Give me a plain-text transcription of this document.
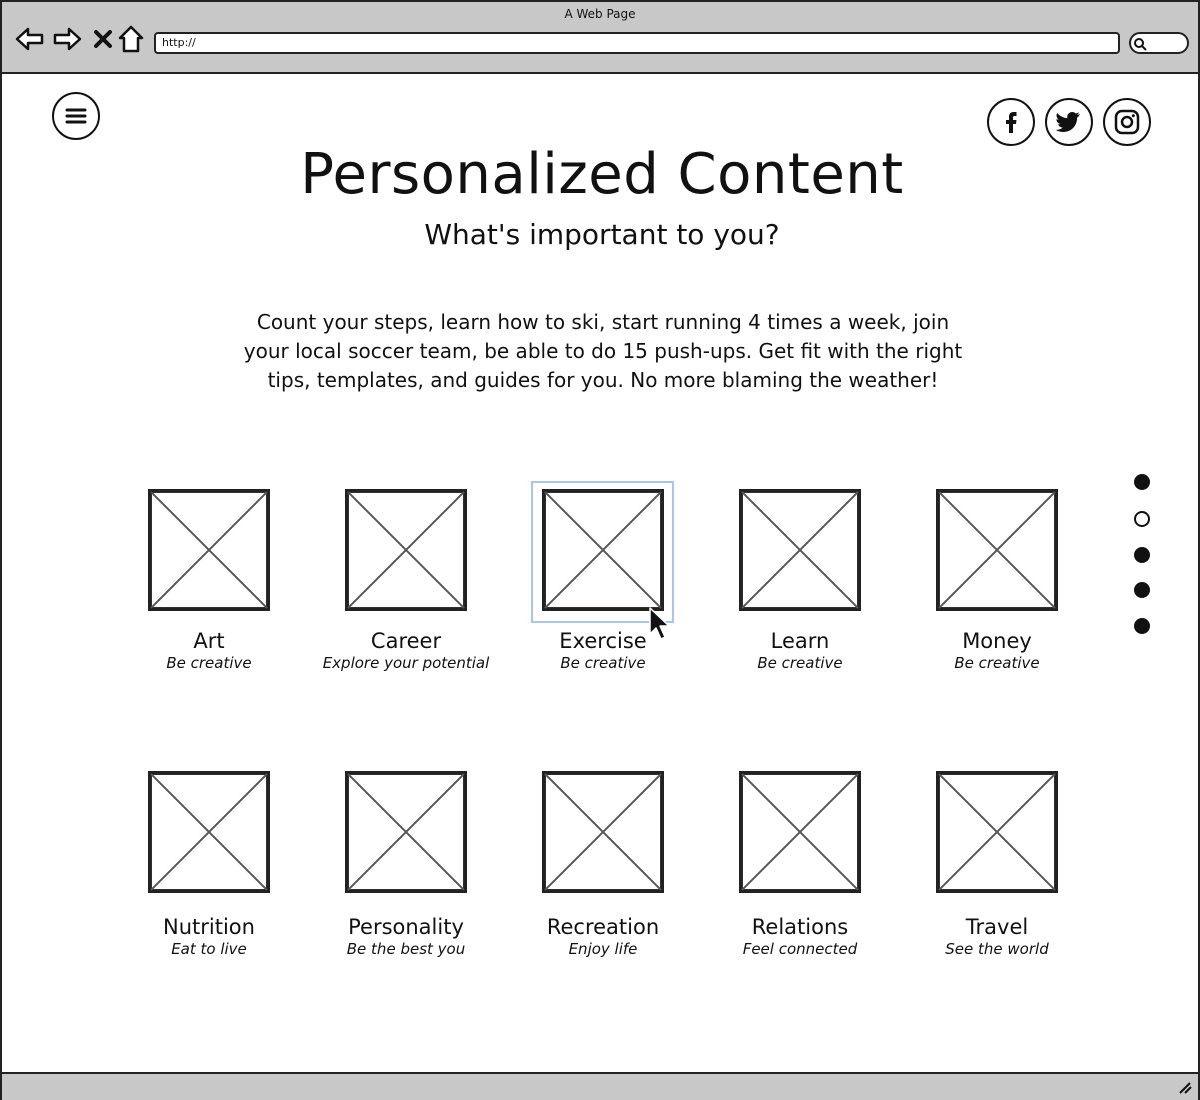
A Web Page
http://
Personalized Content
What's important to you?
Count your steps, learn how to ski, start running 4 times a week, join
your local soccer team, be able to do 15 push-ups. Get fit with the right
tips, templates, and guides for you. No more blaming the weather!
Art
Be creative
Career
Explore your potential
Exercise
Be creative
Learn
Be creative
Money
Be creative
Nutrition
Eat to live
Personality
Be the best you
Recreation
Enjoy life
Relations
Feel connected
Travel
See the world
